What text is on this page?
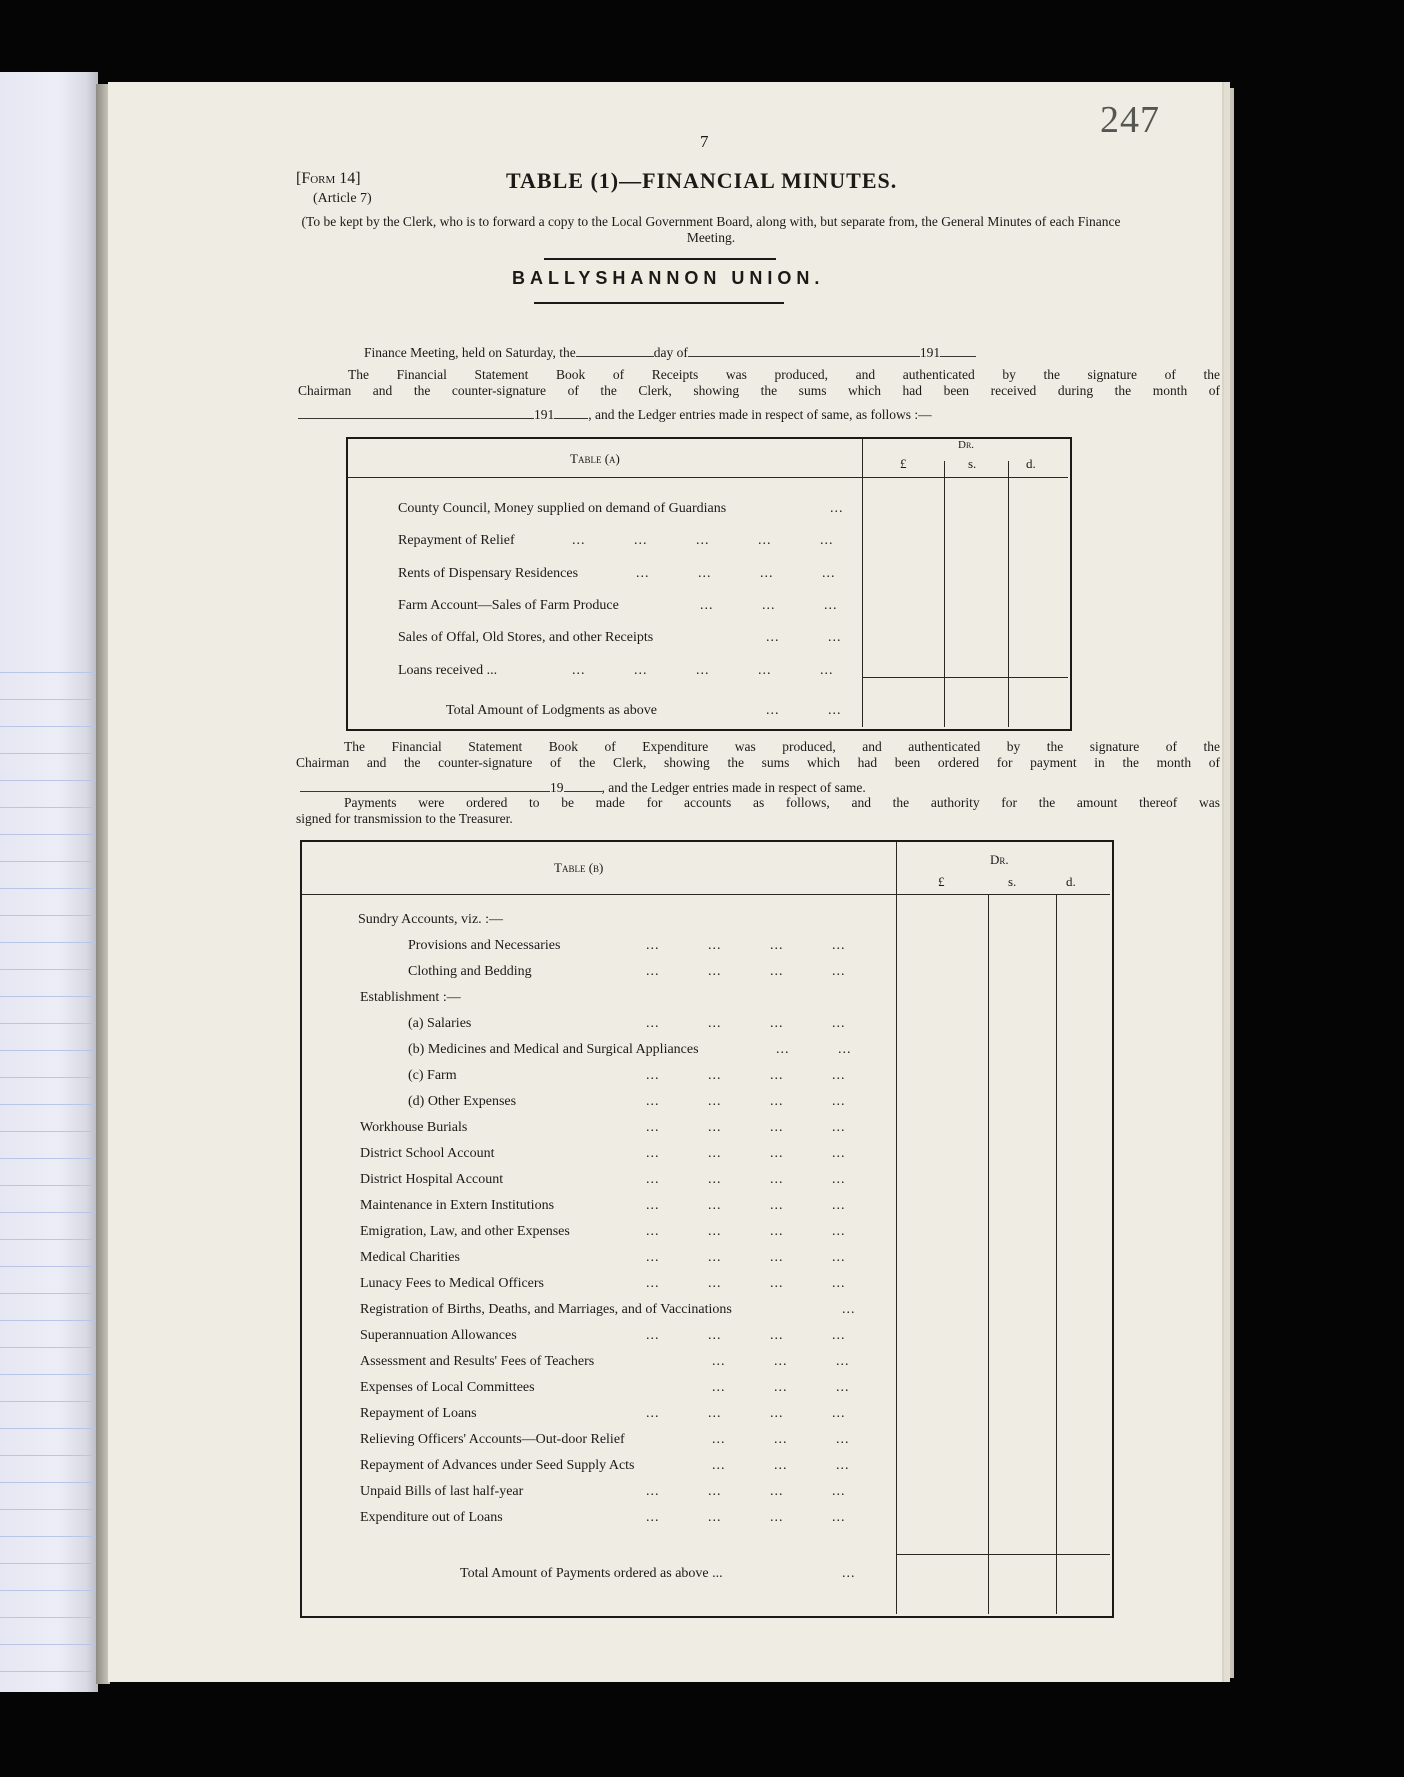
247
7
[Form 14]
(Article 7)
TABLE (1)—FINANCIAL MINUTES.
(To be kept by the Clerk, who is to forward a copy to the Local Government Board, along with, but separate from, the General Minutes of each Finance Meeting.
BALLYSHANNON UNION.
Finance Meeting, held on Saturday, the	day of	191
The Financial Statement Book of Receipts was produced, and authenticated by the signature of the
Chairman and the counter-signature of the Clerk, showing the sums which had been received during the month of
191	, and the Ledger entries made in respect of same, as follows :—
Table (a)
Dr.
£	s.	d.
County Council, Money supplied on demand of Guardians	...
Repayment of Relief	... ... ... ... ...
Rents of Dispensary Residences	... ... ... ...
Farm Account—Sales of Farm Produce	... ... ...
Sales of Offal, Old Stores, and other Receipts	... ...
Loans received ...	... ... ... ... ...
Total Amount of Lodgments as above	... ...
The Financial Statement Book of Expenditure was produced, and authenticated by the signature of the
Chairman and the counter-signature of the Clerk, showing the sums which had been ordered for payment in the month of
19	, and the Ledger entries made in respect of same.
Payments were ordered to be made for accounts as follows, and the authority for the amount thereof was
signed for transmission to the Treasurer.
Table (b)
Dr.
£	s.	d.
Sundry Accounts, viz. :—
Provisions and Necessaries	... ... ... ...
Clothing and Bedding	... ... ... ...
Establishment :—
(a) Salaries	... ... ... ...
(b) Medicines and Medical and Surgical Appliances	... ...
(c) Farm	... ... ... ...
(d) Other Expenses	... ... ... ...
Workhouse Burials	... ... ... ...
District School Account	... ... ... ...
District Hospital Account	... ... ... ...
Maintenance in Extern Institutions	... ... ... ...
Emigration, Law, and other Expenses	... ... ... ...
Medical Charities	... ... ... ...
Lunacy Fees to Medical Officers	... ... ... ...
Registration of Births, Deaths, and Marriages, and of Vaccinations	...
Superannuation Allowances	... ... ... ...
Assessment and Results' Fees of Teachers	... ... ...
Expenses of Local Committees	... ... ...
Repayment of Loans	... ... ... ...
Relieving Officers' Accounts—Out-door Relief	... ... ...
Repayment of Advances under Seed Supply Acts	... ... ...
Unpaid Bills of last half-year	... ... ... ...
Expenditure out of Loans	... ... ... ...
Total Amount of Payments ordered as above ...	...
